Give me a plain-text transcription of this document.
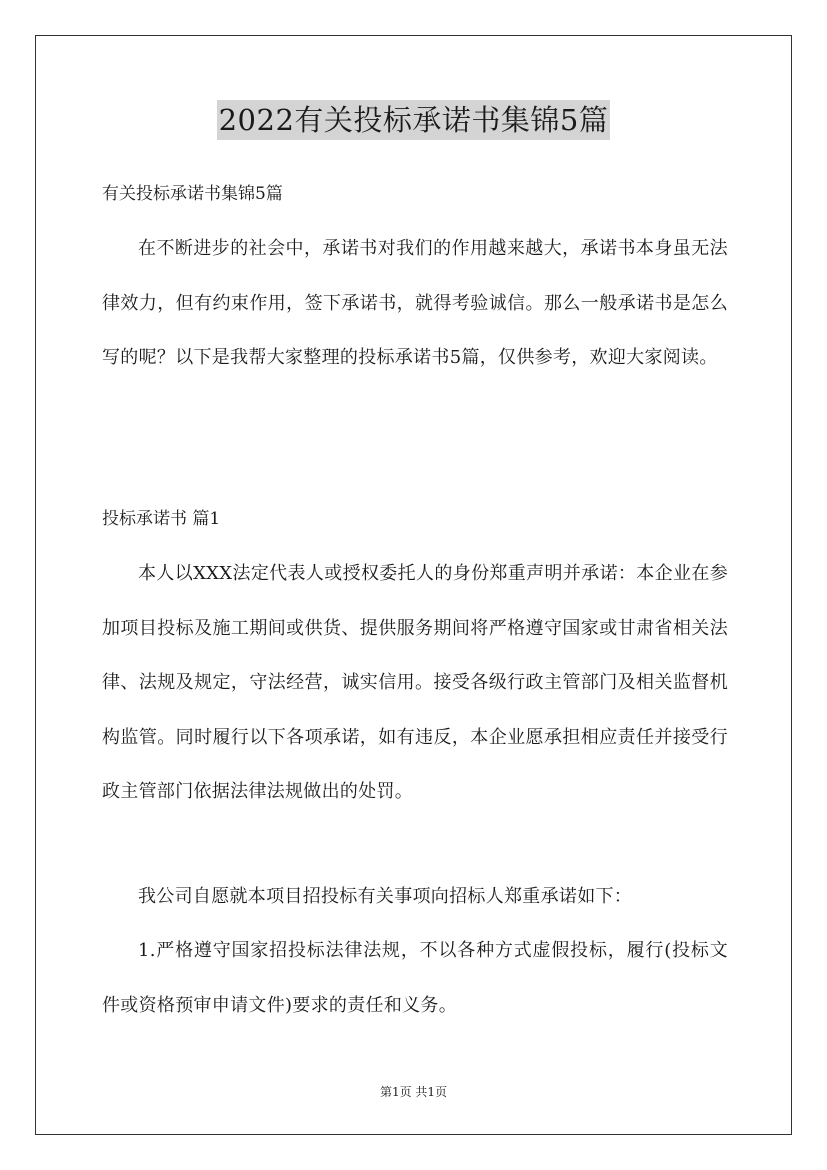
2022有关投标承诺书集锦5篇

有关投标承诺书集锦5篇

在不断进步的社会中，承诺书对我们的作用越来越大，承诺书本身虽无法律效力，但有约束作用，签下承诺书，就得考验诚信。那么一般承诺书是怎么写的呢？以下是我帮大家整理的投标承诺书5篇，仅供参考，欢迎大家阅读。

投标承诺书 篇1

本人以XXX法定代表人或授权委托人的身份郑重声明并承诺：本企业在参加项目投标及施工期间或供货、提供服务期间将严格遵守国家或甘肃省相关法律、法规及规定，守法经营，诚实信用。接受各级行政主管部门及相关监督机构监管。同时履行以下各项承诺，如有违反，本企业愿承担相应责任并接受行政主管部门依据法律法规做出的处罚。

我公司自愿就本项目招投标有关事项向招标人郑重承诺如下：

1.严格遵守国家招投标法律法规，不以各种方式虚假投标，履行(投标文件或资格预审申请文件)要求的责任和义务。

第1页 共1页
